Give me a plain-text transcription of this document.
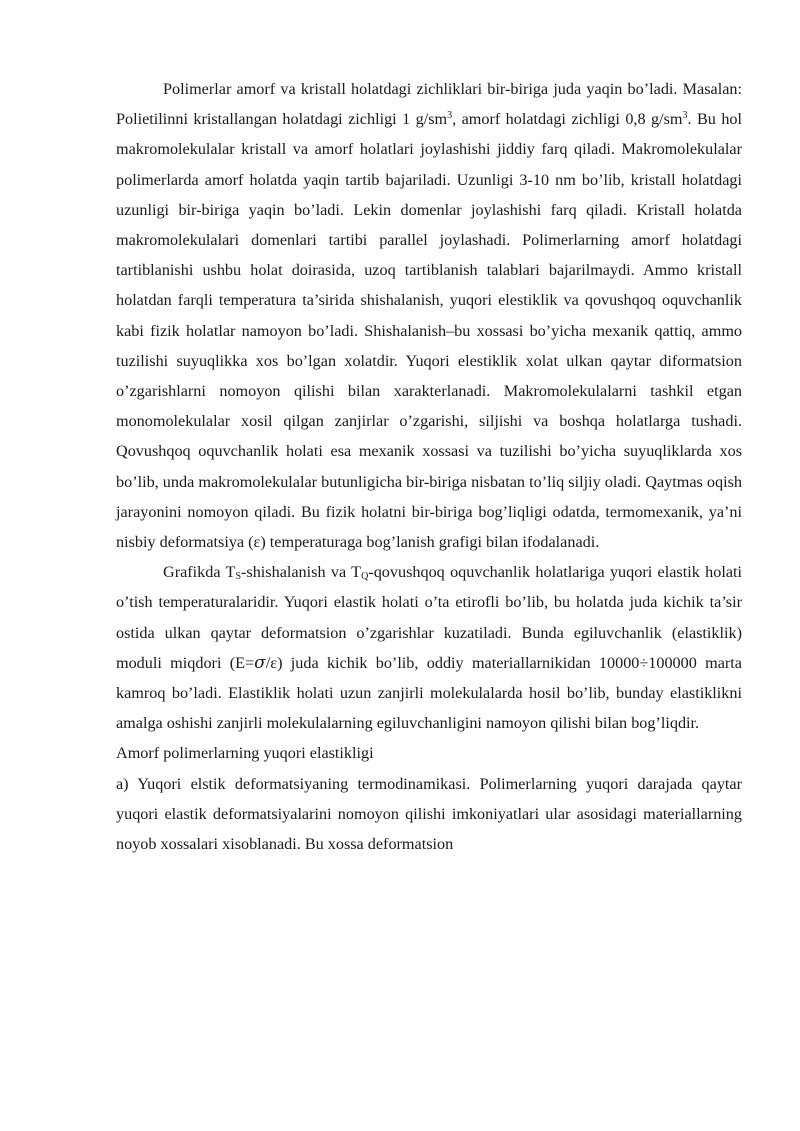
Polimerlar amorf va kristall holatdagi zichliklari bir-biriga juda yaqin bo’ladi. Masalan: Polietilinni kristallangan holatdagi zichligi 1 $g/sm^3$, amorf holatdagi zichligi 0,8 $g/sm^3$. Bu hol makromolekulalar kristall va amorf holatlari joylashishi jiddiy farq qiladi. Makromolekulalar polimerlarda amorf holatda yaqin tartib bajariladi. Uzunligi 3-10 nm bo’lib, kristall holatdagi uzunligi bir-biriga yaqin bo’ladi. Lekin domenlar joylashishi farq qiladi. Kristall holatda makromolekulalari domenlari tartibi parallel joylashadi. Polimerlarning amorf holatdagi tartiblanishi ushbu holat doirasida, uzoq tartiblanish talablari bajarilmaydi. Ammo kristall holatdan farqli temperatura ta’sirida shishalanish, yuqori elestiklik va qovushqoq oquvchanlik kabi fizik holatlar namoyon bo’ladi. Shishalanish–bu xossasi bo’yicha mexanik qattiq, ammo tuzilishi suyuqlikka xos bo’lgan xolatdir. Yuqori elestiklik xolat ulkan qaytar diformatsion o’zgarishlarni nomoyon qilishi bilan xarakterlanadi. Makromolekulalarni tashkil etgan monomolekulalar xosil qilgan zanjirlar o’zgarishi, siljishi va boshqa holatlarga tushadi. Qovushqoq oquvchanlik holati esa mexanik xossasi va tuzilishi bo’yicha suyuqliklarda xos bo’lib, unda makromolekulalar butunligicha bir-biriga nisbatan to’liq siljiy oladi. Qaytmas oqish jarayonini nomoyon qiladi. Bu fizik holatni bir-biriga bog’liqligi odatda, termomexanik, ya’ni nisbiy deformatsiya (ε) temperaturaga bog’lanish grafigi bilan ifodalanadi.

Grafikda $T_S$-shishalanish va $T_Q$-qovushqoq oquvchanlik holatlariga yuqori elastik holati o’tish temperaturalaridir. Yuqori elastik holati o’ta etirofli bo’lib, bu holatda juda kichik ta’sir ostida ulkan qaytar deformatsion o’zgarishlar kuzatiladi. Bunda egiluvchanlik (elastiklik) moduli miqdori (E=σ/ε) juda kichik bo’lib, oddiy materiallarnikidan 10000÷100000 marta kamroq bo’ladi. Elastiklik holati uzun zanjirli molekulalarda hosil bo’lib, bunday elastiklikni amalga oshishi zanjirli molekulalarning egiluvchanligini namoyon qilishi bilan bog’liqdir.

Amorf polimerlarning yuqori elastikligi

a) Yuqori elstik deformatsiyaning termodinamikasi. Polimerlarning yuqori darajada qaytar yuqori elastik deformatsiyalarini nomoyon qilishi imkoniyatlari ular asosidagi materiallarning noyob xossalari xisoblanadi. Bu xossa deformatsion
